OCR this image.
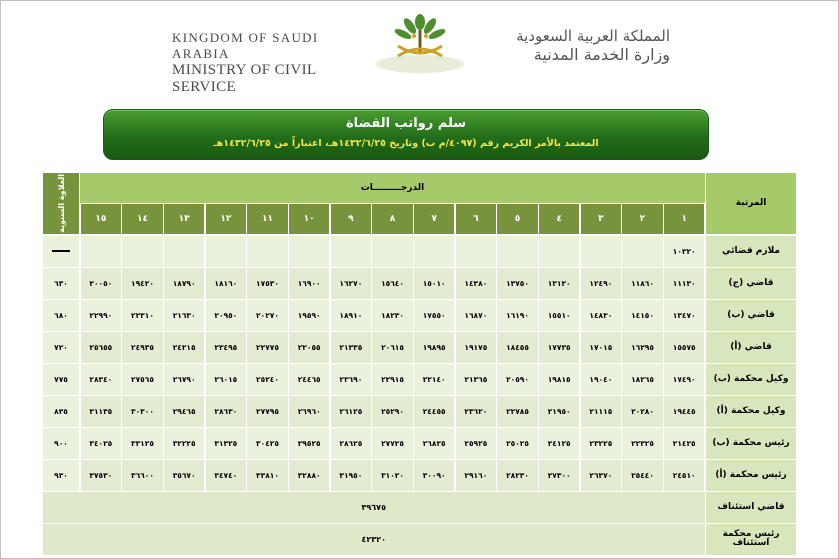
KINGDOM OF SAUDI ARABIA
MINISTRY OF CIVIL SERVICE
المملكة العربية السعودية
وزارة الخدمة المدنية
سلم رواتب القضاة
المعتمد بالأمر الكريم رقم (٤٠٩٧/م ب) وتاريخ ١٤٣٢/٦/٢٥هـ، اعتباراً من ١٤٣٢/٦/٢٥هـ
المرتبة
الدرجـــــــــات
العلاوة السنوية	١
٢
٣
٤
٥
٦
٧
٨
٩
١٠
١١
١٢
١٣
١٤
١٥
ملازم قضائي
١٠٣٢٠
قاضي (ج)
١١١٣٠
١١٨٦٠
١٢٤٩٠
١٣١٢٠
١٣٧٥٠
١٤٣٨٠
١٥٠١٠
١٥٦٤٠
١٦٢٧٠
١٦٩٠٠
١٧٥٣٠
١٨١٦٠
١٨٧٩٠
١٩٤٢٠
٢٠٠٥٠
٦٣٠
قاضي (ب)
١٣٤٧٠
١٤١٥٠
١٤٨٣٠
١٥٥١٠
١٦١٩٠
١٦٨٧٠
١٧٥٥٠
١٨٢٣٠
١٨٩١٠
١٩٥٩٠
٢٠٢٧٠
٢٠٩٥٠
٢١٦٣٠
٢٢٣١٠
٢٢٩٩٠
٦٨٠
قاضي (أ)
١٥٥٧٥
١٦٢٩٥
١٧٠١٥
١٧٧٣٥
١٨٤٥٥
١٩١٧٥
١٩٨٩٥
٢٠٦١٥
٢١٣٣٥
٢٢٠٥٥
٢٢٧٧٥
٢٣٤٩٥
٢٤٢١٥
٢٤٩٣٥
٢٥٦٥٥
٧٢٠
وكيل محكمة (ب)
١٧٤٩٠
١٨٢٦٥
١٩٠٤٠
١٩٨١٥
٢٠٥٩٠
٢١٣٦٥
٢٢١٤٠
٢٢٩١٥
٢٣٦٩٠
٢٤٤٦٥
٢٥٢٤٠
٢٦٠١٥
٢٦٧٩٠
٢٧٥٦٥
٢٨٣٤٠
٧٧٥
وكيل محكمة (أ)
١٩٤٤٥
٢٠٢٨٠
٢١١١٥
٢١٩٥٠
٢٢٧٨٥
٢٣٦٢٠
٢٤٤٥٥
٢٥٢٩٠
٢٦١٢٥
٢٦٩٦٠
٢٧٧٩٥
٢٨٦٣٠
٢٩٤٦٥
٣٠٣٠٠
٣١١٣٥
٨٣٥
رئيس محكمة (ب)
٢١٤٢٥
٢٢٣٢٥
٢٣٢٢٥
٢٤١٢٥
٢٥٠٢٥
٢٥٩٢٥
٢٦٨٢٥
٢٧٧٢٥
٢٨٦٢٥
٢٩٥٢٥
٣٠٤٢٥
٣١٣٢٥
٣٢٢٢٥
٣٣١٢٥
٣٤٠٢٥
٩٠٠
رئيس محكمة (أ)
٢٤٥١٠
٢٥٤٤٠
٢٦٣٧٠
٢٧٣٠٠
٢٨٢٣٠
٢٩١٦٠
٣٠٠٩٠
٣١٠٢٠
٣١٩٥٠
٣٢٨٨٠
٣٣٨١٠
٣٤٧٤٠
٣٥٦٧٠
٣٦٦٠٠
٣٧٥٣٠
٩٣٠
قاضي استئناف
٣٩٦٧٥
رئيس محكمة استئناف
٤٢٣٢٠
